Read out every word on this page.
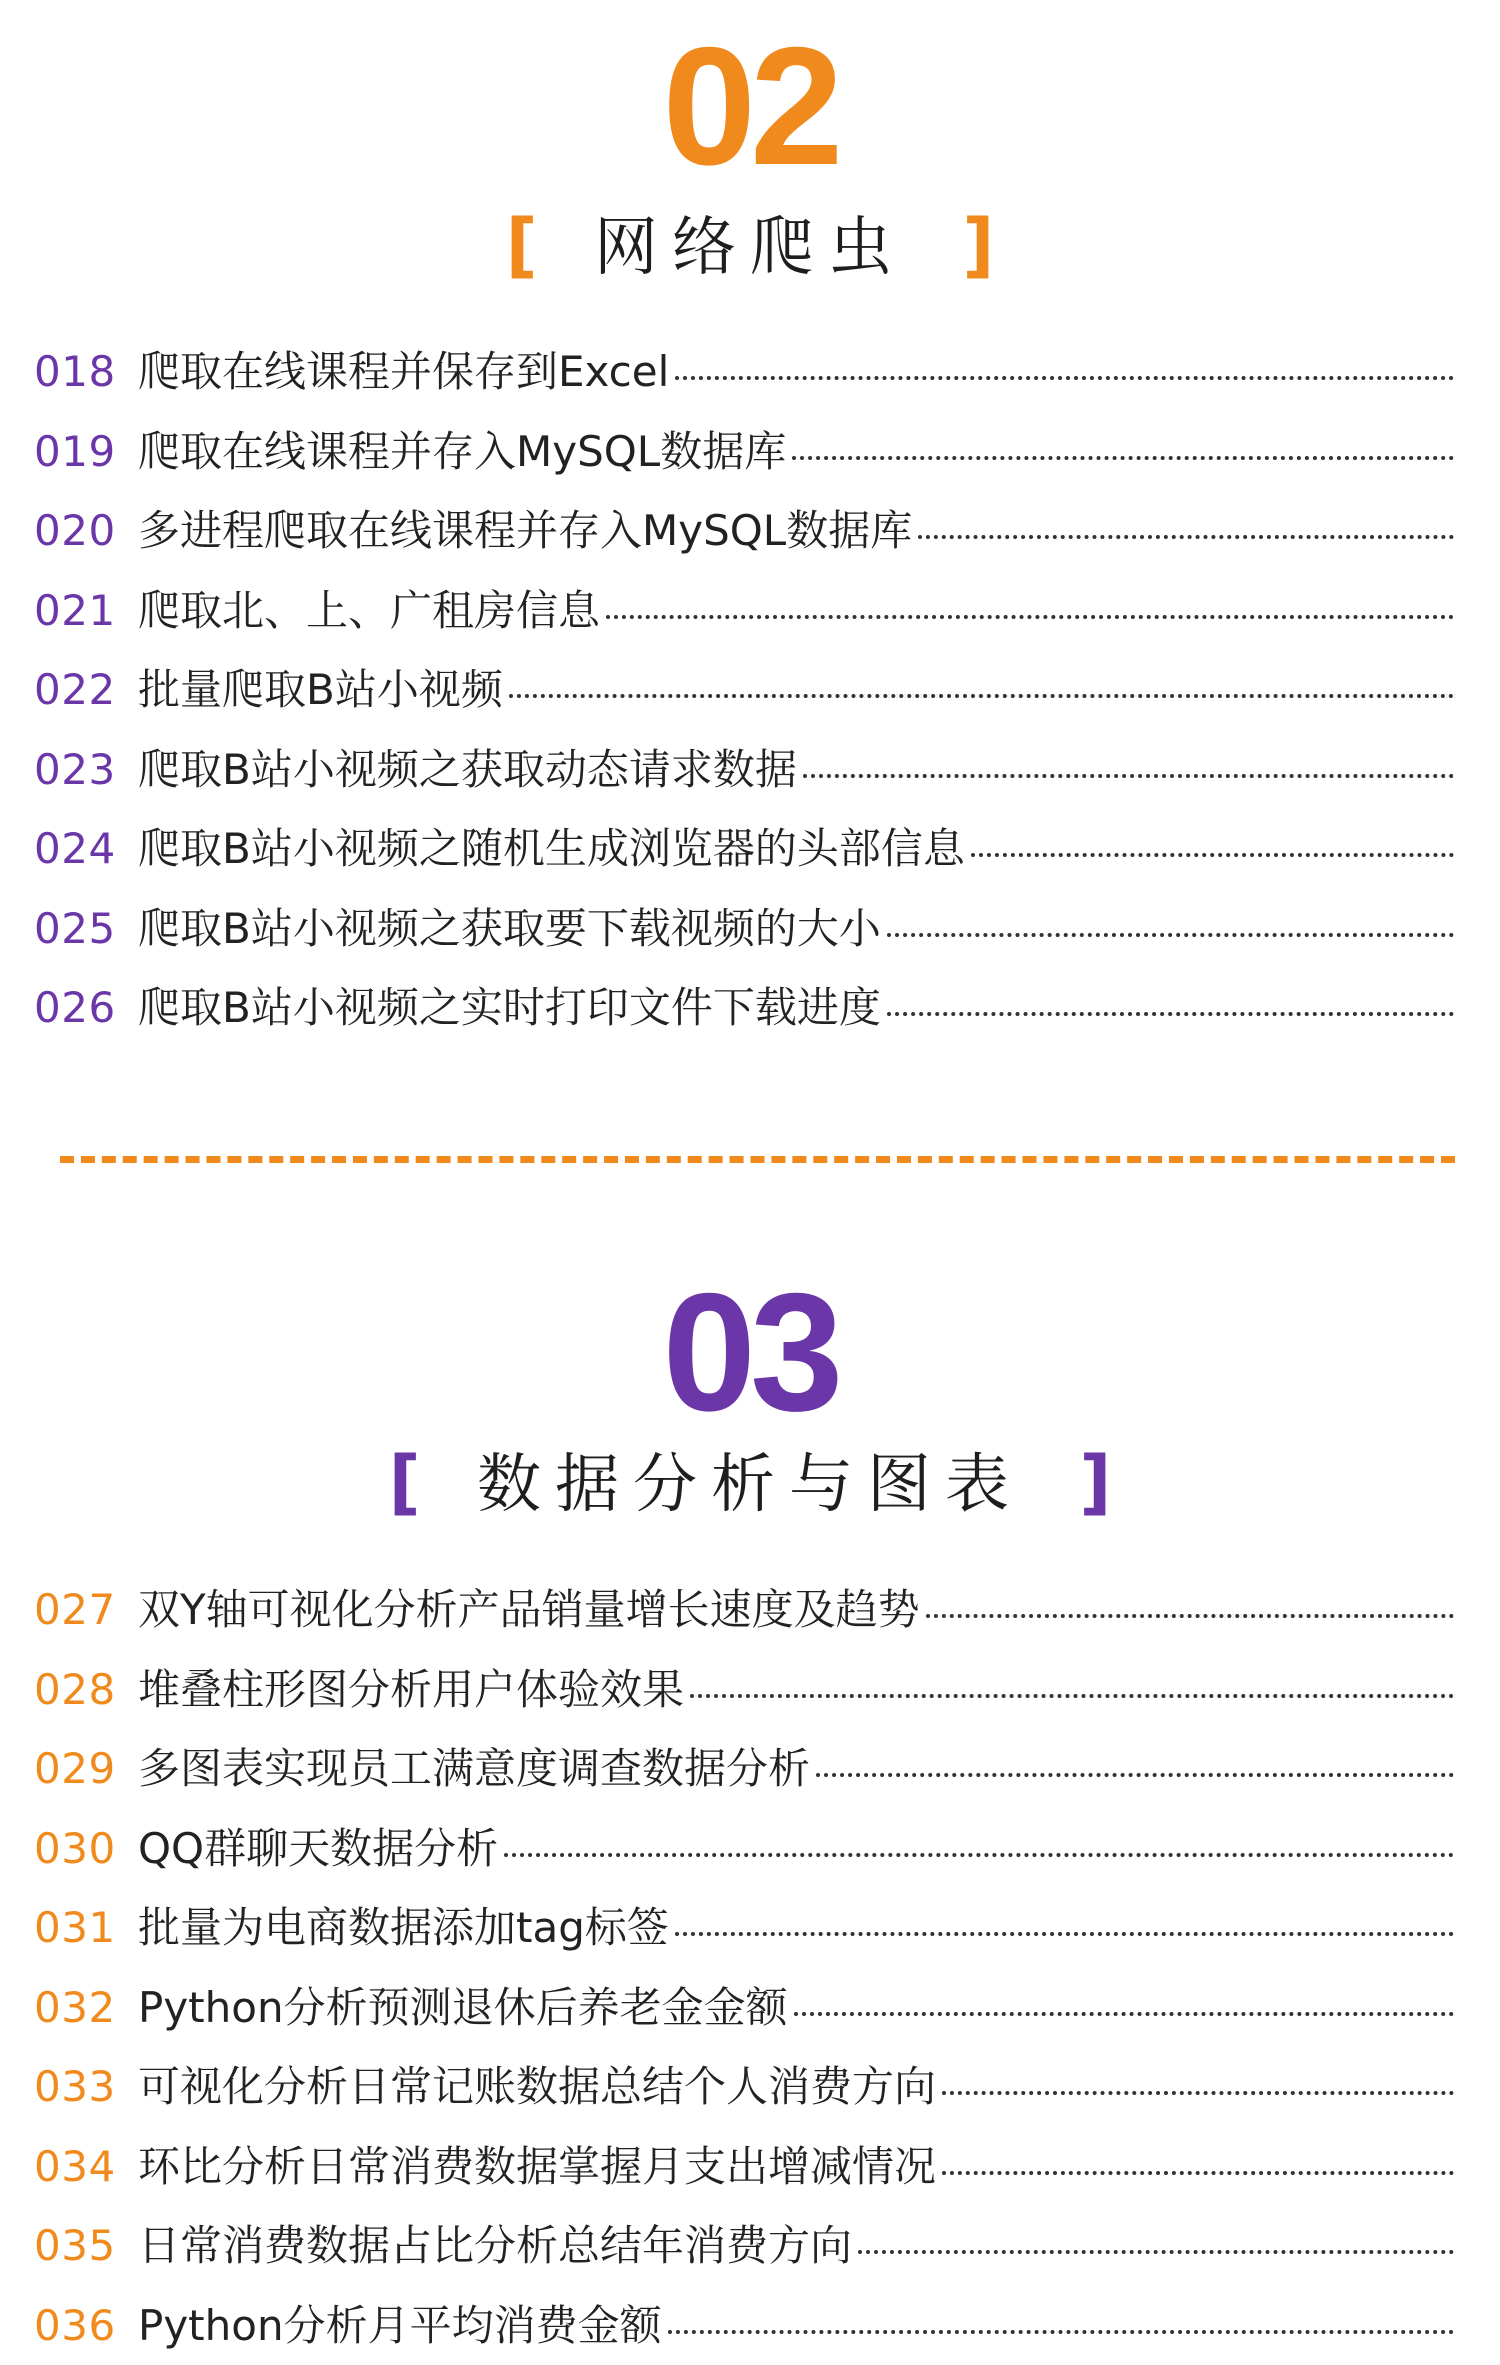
02
[ 网络爬虫 ]
018 爬取在线课程并保存到Excel
019 爬取在线课程并存入MySQL数据库
020 多进程爬取在线课程并存入MySQL数据库
021 爬取北、上、广租房信息
022 批量爬取B站小视频
023 爬取B站小视频之获取动态请求数据
024 爬取B站小视频之随机生成浏览器的头部信息
025 爬取B站小视频之获取要下载视频的大小
026 爬取B站小视频之实时打印文件下载进度
03
[ 数据分析与图表 ]
027 双Y轴可视化分析产品销量增长速度及趋势
028 堆叠柱形图分析用户体验效果
029 多图表实现员工满意度调查数据分析
030 QQ群聊天数据分析
031 批量为电商数据添加tag标签
032 Python分析预测退休后养老金金额
033 可视化分析日常记账数据总结个人消费方向
034 环比分析日常消费数据掌握月支出增减情况
035 日常消费数据占比分析总结年消费方向
036 Python分析月平均消费金额
